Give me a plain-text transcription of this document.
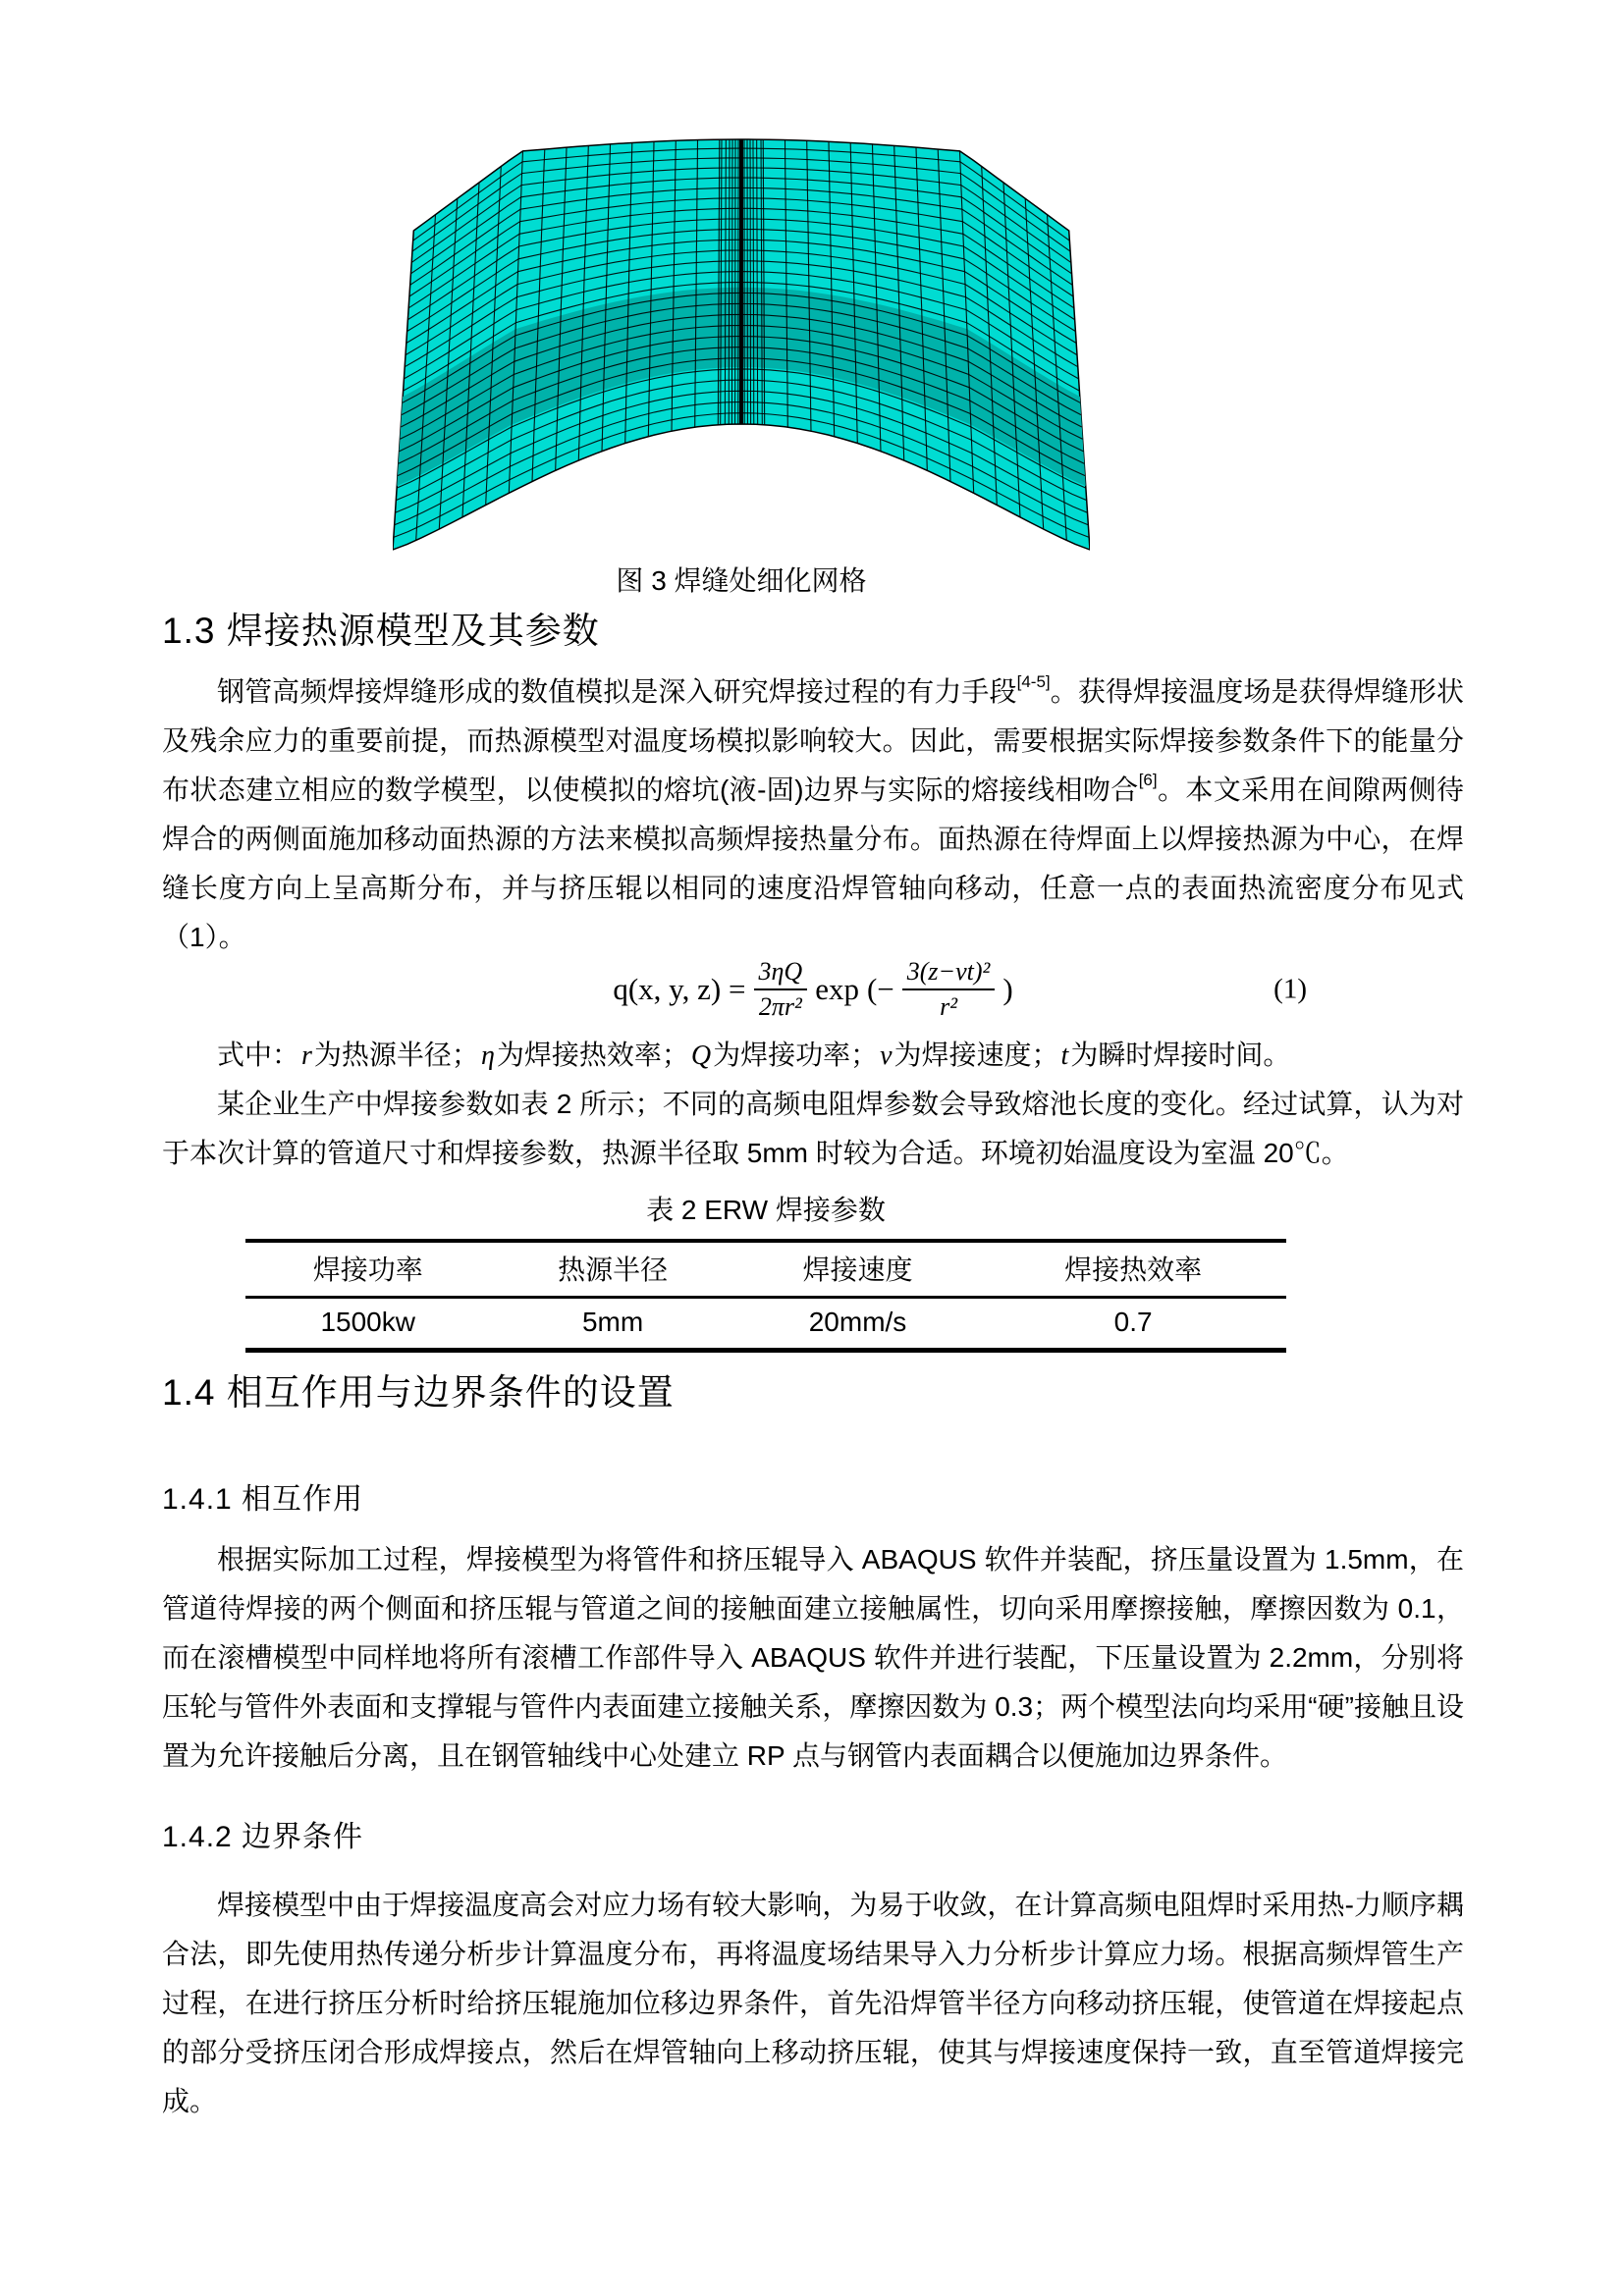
图 3 焊缝处细化网格
1.3 焊接热源模型及其参数
钢管高频焊接焊缝形成的数值模拟是深入研究焊接过程的有力手段[4-5]。获得焊接温度场是获得焊缝形状及残余应力的重要前提，而热源模型对温度场模拟影响较大。因此，需要根据实际焊接参数条件下的能量分布状态建立相应的数学模型，以使模拟的熔坑(液-固)边界与实际的熔接线相吻合[6]。本文采用在间隙两侧待焊合的两侧面施加移动面热源的方法来模拟高频焊接热量分布。面热源在待焊面上以焊接热源为中心，在焊缝长度方向上呈高斯分布，并与挤压辊以相同的速度沿焊管轴向移动，任意一点的表面热流密度分布见式（1）。
q(x, y, $z) = \frac{3\eta Q}{\text{2πr²}}$ exp (− $\frac{\text{3(z−vt)²}}{\text{r²}}$ )	(1)
式中：r为热源半径；η为焊接热效率；Q为焊接功率；v为焊接速度；t为瞬时焊接时间。
某企业生产中焊接参数如表 2 所示；不同的高频电阻焊参数会导致熔池长度的变化。经过试算，认为对于本次计算的管道尺寸和焊接参数，热源半径取 5mm 时较为合适。环境初始温度设为室温 20℃。
表 2 ERW 焊接参数
焊接功率	热源半径	焊接速度	焊接热效率
1500kw	5mm	20mm/s	0.7
1.4 相互作用与边界条件的设置
1.4.1 相互作用
根据实际加工过程，焊接模型为将管件和挤压辊导入 ABAQUS 软件并装配，挤压量设置为 1.5mm，在管道待焊接的两个侧面和挤压辊与管道之间的接触面建立接触属性，切向采用摩擦接触，摩擦因数为 0.1，而在滚槽模型中同样地将所有滚槽工作部件导入 ABAQUS 软件并进行装配，下压量设置为 2.2mm，分别将压轮与管件外表面和支撑辊与管件内表面建立接触关系，摩擦因数为 0.3；两个模型法向均采用“硬”接触且设置为允许接触后分离，且在钢管轴线中心处建立 RP 点与钢管内表面耦合以便施加边界条件。
1.4.2 边界条件
焊接模型中由于焊接温度高会对应力场有较大影响，为易于收敛，在计算高频电阻焊时采用热-力顺序耦合法，即先使用热传递分析步计算温度分布，再将温度场结果导入力分析步计算应力场。根据高频焊管生产过程，在进行挤压分析时给挤压辊施加位移边界条件，首先沿焊管半径方向移动挤压辊，使管道在焊接起点的部分受挤压闭合形成焊接点，然后在焊管轴向上移动挤压辊，使其与焊接速度保持一致，直至管道焊接完成。
